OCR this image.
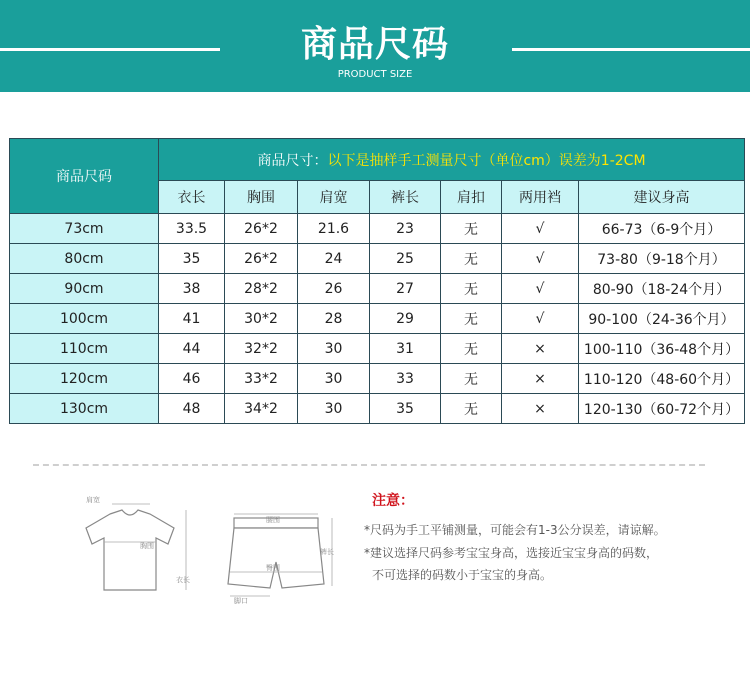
商品尺码
PRODUCT SIZE
商品尺码	商品尺寸：以下是抽样手工测量尺寸（单位cm）误差为1-2CM						
	衣长	胸围	肩宽	裤长	肩扣	两用裆	建议身高
73cm	33.5	26*2	21.6	23	无	√	66-73（6-9个月）
80cm	35	26*2	24	25	无	√	73-80（9-18个月）
90cm	38	28*2	26	27	无	√	80-90（18-24个月）
100cm	41	30*2	28	29	无	√	90-100（24-36个月）
110cm	44	32*2	30	31	无	×	100-110（36-48个月）
120cm	46	33*2	30	33	无	×	110-120（48-60个月）
130cm	48	34*2	30	35	无	×	120-130（60-72个月）
肩宽
胸围
衣长
腰围
臀围
裤长
脚口
注意：
*尺码为手工平铺测量，可能会有1-3公分误差，请谅解。
*建议选择尺码参考宝宝身高，选接近宝宝身高的码数，
不可选择的码数小于宝宝的身高。
